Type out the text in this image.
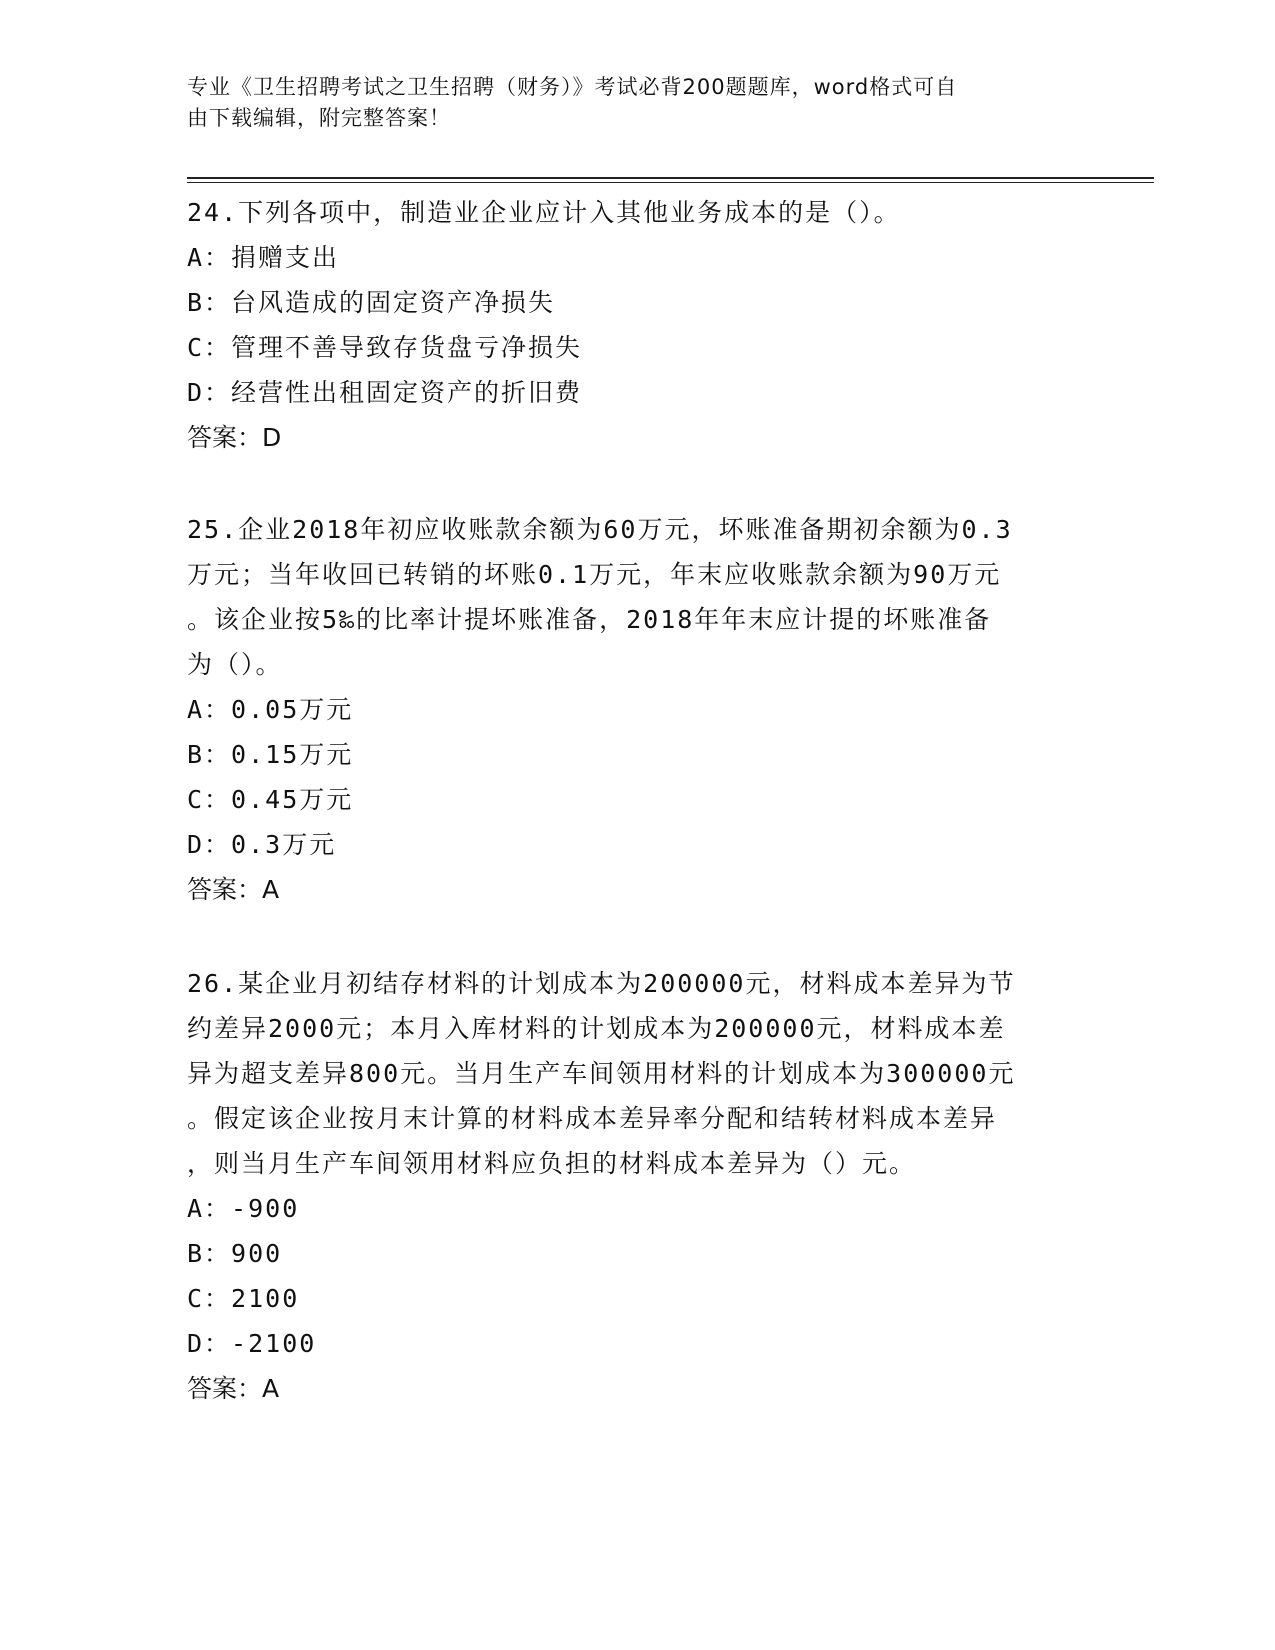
专业《卫生招聘考试之卫生招聘（财务）》考试必背200题题库，word格式可自
由下载编辑，附完整答案！

24.下列各项中，制造业企业应计入其他业务成本的是（）。

A：捐赠支出

B：台风造成的固定资产净损失

C：管理不善导致存货盘亏净损失

D：经营性出租固定资产的折旧费

答案：D

25.企业2018年初应收账款余额为60万元，坏账准备期初余额为0.3

万元；当年收回已转销的坏账0.1万元，年末应收账款余额为90万元

。该企业按5‰的比率计提坏账准备，2018年年末应计提的坏账准备

为（）。

A：0.05万元

B：0.15万元

C：0.45万元

D：0.3万元

答案：A

26.某企业月初结存材料的计划成本为200000元，材料成本差异为节

约差异2000元；本月入库材料的计划成本为200000元，材料成本差

异为超支差异800元。当月生产车间领用材料的计划成本为300000元

。假定该企业按月末计算的材料成本差异率分配和结转材料成本差异

，则当月生产车间领用材料应负担的材料成本差异为（）元。

A：-900

B：900

C：2100

D：-2100

答案：A
